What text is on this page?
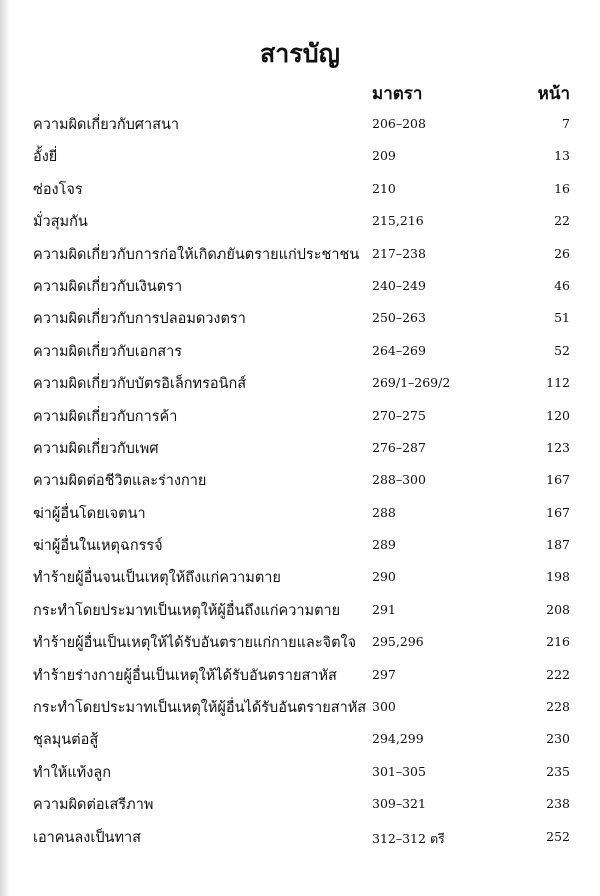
สารบัญ
มาตรา	หน้า
ความผิดเกี่ยวกับศาสนา	206–208	7
อั้งยี่	209	13
ซ่องโจร	210	16
มั่วสุมกัน	215,216	22
ความผิดเกี่ยวกับการก่อให้เกิดภยันตรายแก่ประชาชน 217–238	26
ความผิดเกี่ยวกับเงินตรา	240–249	46
ความผิดเกี่ยวกับการปลอมดวงตรา	250–263	51
ความผิดเกี่ยวกับเอกสาร	264–269	52
ความผิดเกี่ยวกับบัตรอิเล็กทรอนิกส์	269/1–269/2	112
ความผิดเกี่ยวกับการค้า	270–275	120
ความผิดเกี่ยวกับเพศ	276–287	123
ความผิดต่อชีวิตและร่างกาย	288–300	167
ฆ่าผู้อื่นโดยเจตนา	288	167
ฆ่าผู้อื่นในเหตุฉกรรจ์	289	187
ทำร้ายผู้อื่นจนเป็นเหตุให้ถึงแก่ความตาย	290	198
กระทำโดยประมาทเป็นเหตุให้ผู้อื่นถึงแก่ความตาย	291	208
ทำร้ายผู้อื่นเป็นเหตุให้ได้รับอันตรายแก่กายและจิตใจ 295,296	216
ทำร้ายร่างกายผู้อื่นเป็นเหตุให้ได้รับอันตรายสาหัส	297	222
กระทำโดยประมาทเป็นเหตุให้ผู้อื่นได้รับอันตรายสาหัส 300	228
ชุลมุนต่อสู้	294,299	230
ทำให้แท้งลูก	301–305	235
ความผิดต่อเสรีภาพ	309–321	238
เอาคนลงเป็นทาส	312–312 ตรี	252
